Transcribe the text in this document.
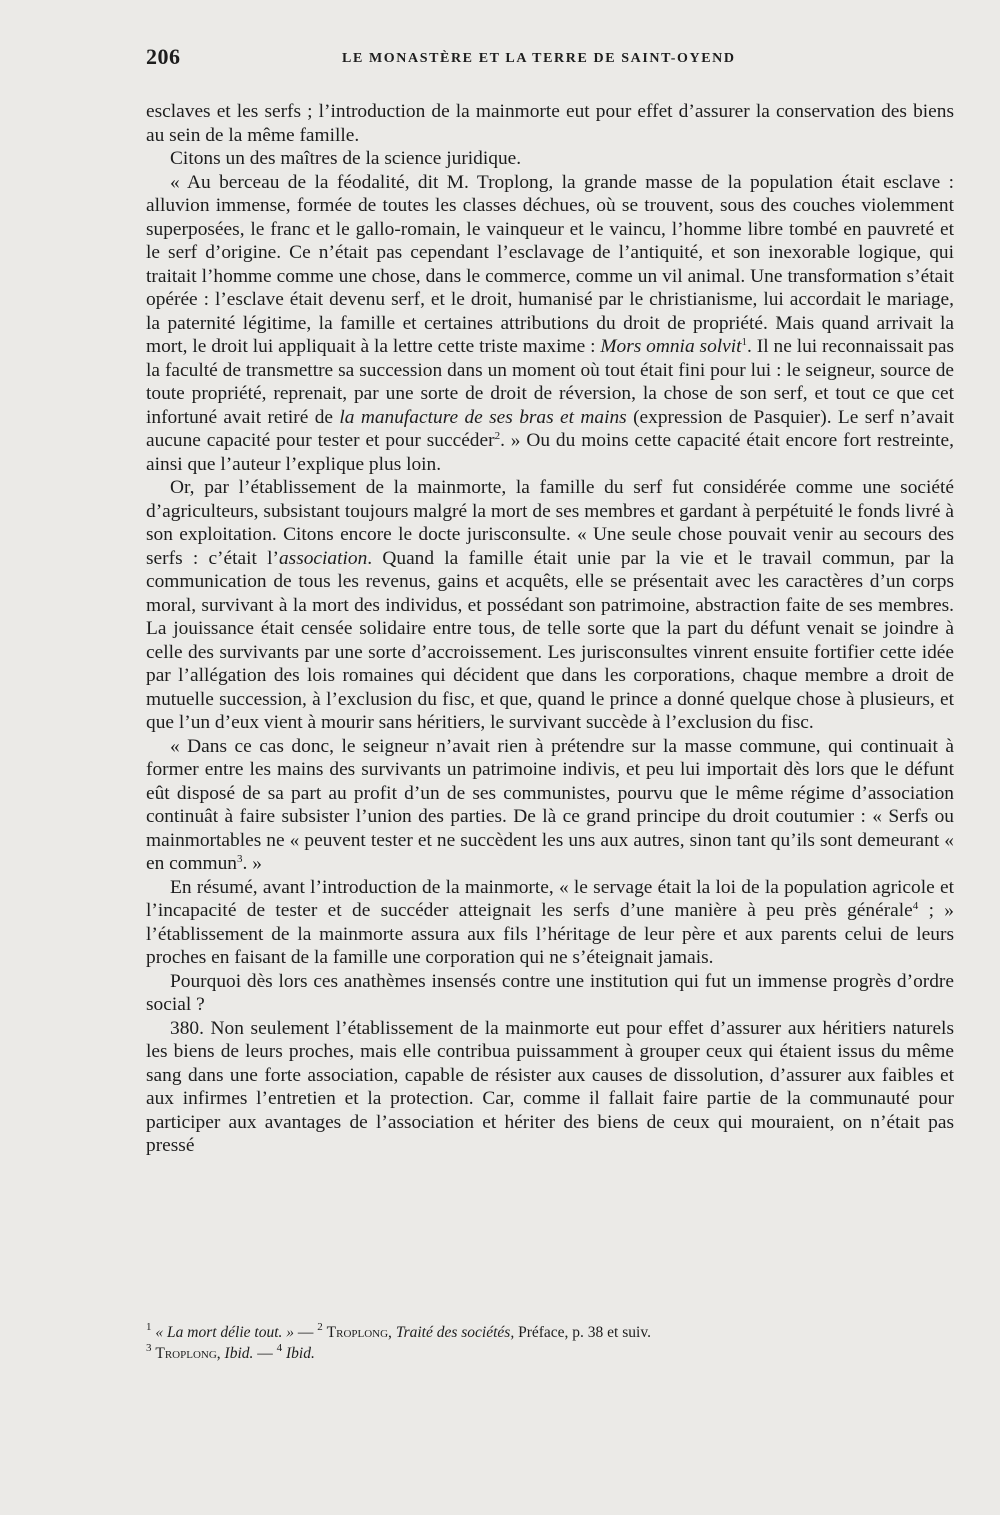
206	LE MONASTÈRE ET LA TERRE DE SAINT-OYEND

esclaves et les serfs ; l’introduction de la mainmorte eut pour effet d’assurer la conservation des biens au sein de la même famille.

Citons un des maîtres de la science juridique.

« Au berceau de la féodalité, dit M. Troplong, la grande masse de la population était esclave : alluvion immense, formée de toutes les classes déchues, où se trouvent, sous des couches violemment superposées, le franc et le gallo-romain, le vainqueur et le vaincu, l’homme libre tombé en pauvreté et le serf d’origine. Ce n’était pas cependant l’esclavage de l’antiquité, et son inexorable logique, qui traitait l’homme comme une chose, dans le commerce, comme un vil animal. Une transformation s’était opérée : l’esclave était devenu serf, et le droit, humanisé par le christianisme, lui accordait le mariage, la paternité légitime, la famille et certaines attributions du droit de propriété. Mais quand arrivait la mort, le droit lui appliquait à la lettre cette triste maxime : Mors omnia solvit$^1$. Il ne lui reconnaissait pas la faculté de transmettre sa succession dans un moment où tout était fini pour lui : le seigneur, source de toute propriété, reprenait, par une sorte de droit de réversion, la chose de son serf, et tout ce que cet infortuné avait retiré de la manufacture de ses bras et mains (expression de Pasquier). Le serf n’avait aucune capacité pour tester et pour succéder$^2$. » Ou du moins cette capacité était encore fort restreinte, ainsi que l’auteur l’explique plus loin.

Or, par l’établissement de la mainmorte, la famille du serf fut considérée comme une société d’agriculteurs, subsistant toujours malgré la mort de ses membres et gardant à perpétuité le fonds livré à son exploitation. Citons encore le docte jurisconsulte. « Une seule chose pouvait venir au secours des serfs : c’était l’association. Quand la famille était unie par la vie et le travail commun, par la communication de tous les revenus, gains et acquêts, elle se présentait avec les caractères d’un corps moral, survivant à la mort des individus, et possédant son patrimoine, abstraction faite de ses membres. La jouissance était censée solidaire entre tous, de telle sorte que la part du défunt venait se joindre à celle des survivants par une sorte d’accroissement. Les jurisconsultes vinrent ensuite fortifier cette idée par l’allégation des lois romaines qui décident que dans les corporations, chaque membre a droit de mutuelle succession, à l’exclusion du fisc, et que, quand le prince a donné quelque chose à plusieurs, et que l’un d’eux vient à mourir sans héritiers, le survivant succède à l’exclusion du fisc.

« Dans ce cas donc, le seigneur n’avait rien à prétendre sur la masse commune, qui continuait à former entre les mains des survivants un patrimoine indivis, et peu lui importait dès lors que le défunt eût disposé de sa part au profit d’un de ses communistes, pourvu que le même régime d’association continuât à faire subsister l’union des parties. De là ce grand principe du droit coutumier : « Serfs ou mainmortables ne « peuvent tester et ne succèdent les uns aux autres, sinon tant qu’ils sont demeurant « en commun$^3$. »

En résumé, avant l’introduction de la mainmorte, « le servage était la loi de la population agricole et l’incapacité de tester et de succéder atteignait les serfs d’une manière à peu près générale$^4$ ; » l’établissement de la mainmorte assura aux fils l’héritage de leur père et aux parents celui de leurs proches en faisant de la famille une corporation qui ne s’éteignait jamais.

Pourquoi dès lors ces anathèmes insensés contre une institution qui fut un immense progrès d’ordre social ?

380. Non seulement l’établissement de la mainmorte eut pour effet d’assurer aux héritiers naturels les biens de leurs proches, mais elle contribua puissamment à grouper ceux qui étaient issus du même sang dans une forte association, capable de résister aux causes de dissolution, d’assurer aux faibles et aux infirmes l’entretien et la protection. Car, comme il fallait faire partie de la communauté pour participer aux avantages de l’association et hériter des biens de ceux qui mouraient, on n’était pas pressé

$^1$ « La mort délie tout. » — $^2$ Troplong, Traité des sociétés, Préface, p. 38 et suiv.

$^3$ Troplong, Ibid. — $^4$ Ibid.
